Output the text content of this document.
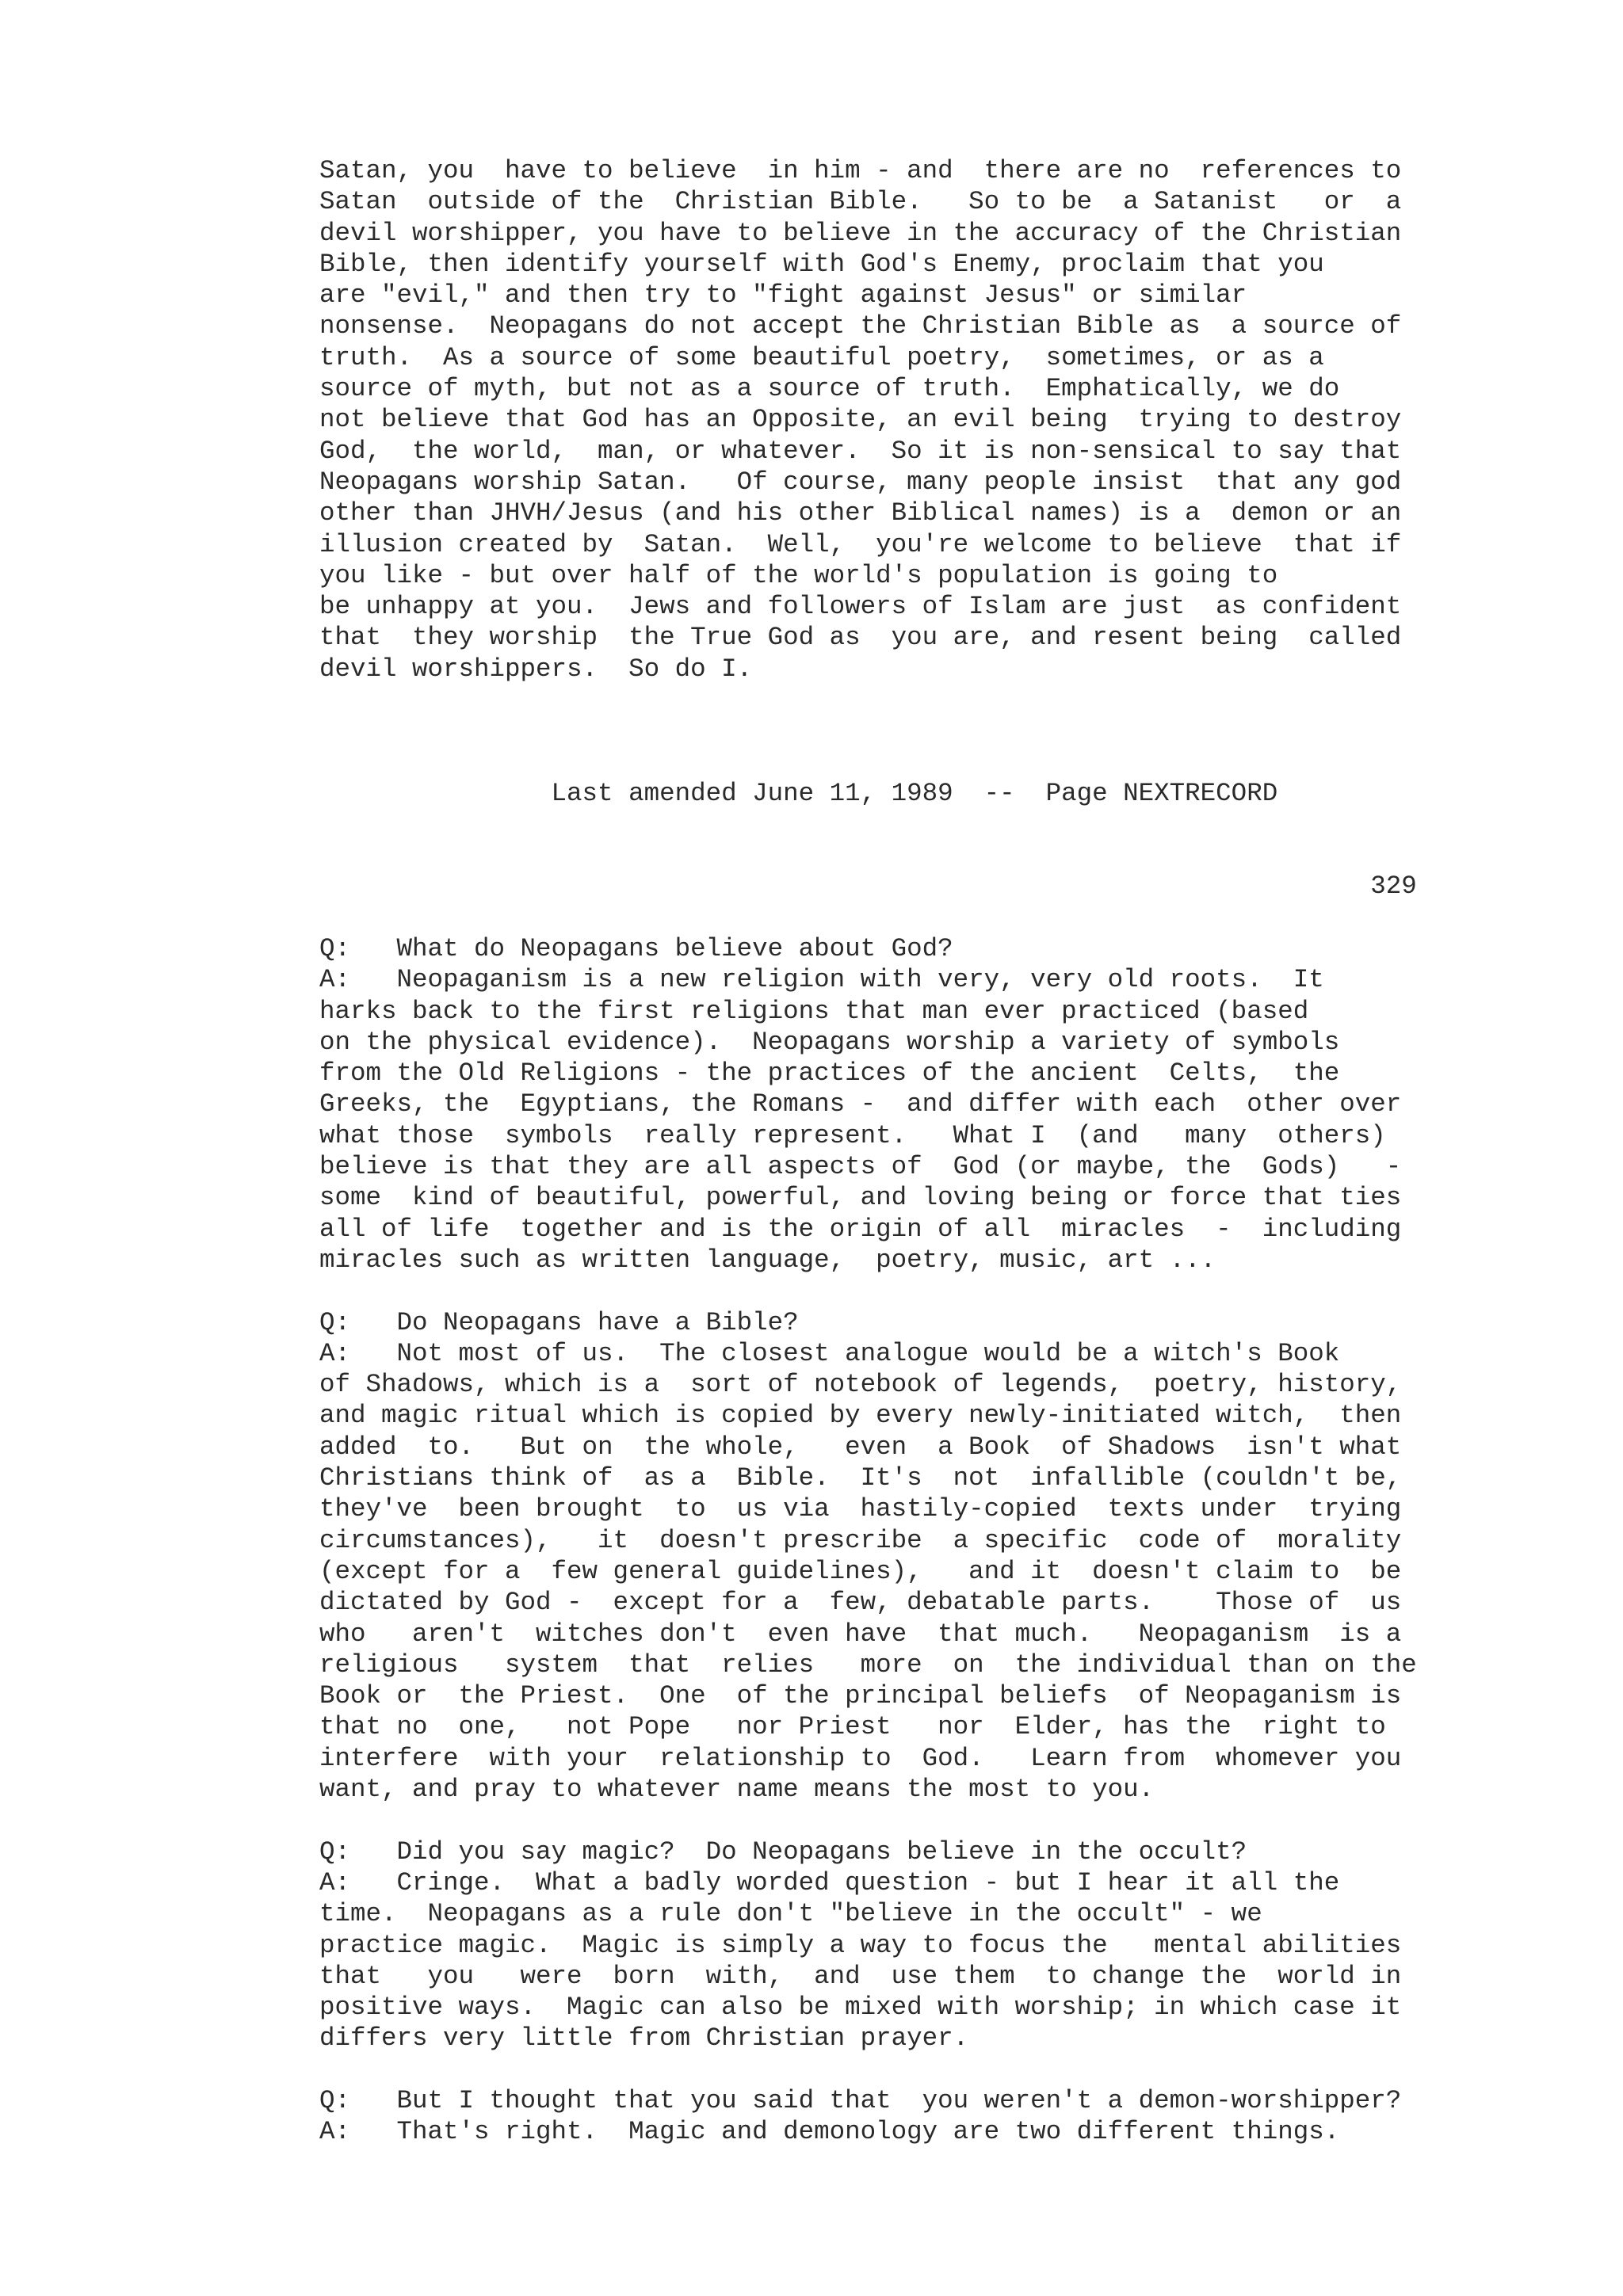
Satan, you  have to believe  in him - and  there are no  references to
Satan  outside of the  Christian Bible.   So to be  a Satanist   or  a
devil worshipper, you have to believe in the accuracy of the Christian
Bible, then identify yourself with God's Enemy, proclaim that you
are "evil," and then try to "fight against Jesus" or similar
nonsense.  Neopagans do not accept the Christian Bible as  a source of
truth.  As a source of some beautiful poetry,  sometimes, or as a
source of myth, but not as a source of truth.  Emphatically, we do
not believe that God has an Opposite, an evil being  trying to destroy
God,  the world,  man, or whatever.  So it is non-sensical to say that
Neopagans worship Satan.   Of course, many people insist  that any god
other than JHVH/Jesus (and his other Biblical names) is a  demon or an
illusion created by  Satan.  Well,  you're welcome to believe  that if
you like - but over half of the world's population is going to
be unhappy at you.  Jews and followers of Islam are just  as confident
that  they worship  the True God as  you are, and resent being  called
devil worshippers.  So do I.
Last amended June 11, 1989  --  Page NEXTRECORD
329
Q:   What do Neopagans believe about God?
A:   Neopaganism is a new religion with very, very old roots.  It
harks back to the first religions that man ever practiced (based
on the physical evidence).  Neopagans worship a variety of symbols
from the Old Religions - the practices of the ancient  Celts,  the
Greeks, the  Egyptians, the Romans -  and differ with each  other over
what those  symbols  really represent.   What I  (and   many  others)
believe is that they are all aspects of  God (or maybe, the  Gods)   -
some  kind of beautiful, powerful, and loving being or force that ties
all of life  together and is the origin of all  miracles  -  including
miracles such as written language,  poetry, music, art ...

Q:   Do Neopagans have a Bible?
A:   Not most of us.  The closest analogue would be a witch's Book
of Shadows, which is a  sort of notebook of legends,  poetry, history,
and magic ritual which is copied by every newly-initiated witch,  then
added  to.   But on  the whole,   even  a Book  of Shadows  isn't what
Christians think of  as a  Bible.  It's  not  infallible (couldn't be,
they've  been brought  to  us via  hastily-copied  texts under  trying
circumstances),   it  doesn't prescribe  a specific  code of  morality
(except for a  few general guidelines),   and it  doesn't claim to  be
dictated by God -  except for a  few, debatable parts.    Those of  us
who   aren't  witches don't  even have  that much.   Neopaganism  is a
religious   system  that  relies   more  on  the individual than on the
Book or  the Priest.  One  of the principal beliefs  of Neopaganism is
that no  one,   not Pope   nor Priest   nor  Elder, has the  right to
interfere  with your  relationship to  God.   Learn from  whomever you
want, and pray to whatever name means the most to you.

Q:   Did you say magic?  Do Neopagans believe in the occult?
A:   Cringe.  What a badly worded question - but I hear it all the
time.  Neopagans as a rule don't "believe in the occult" - we
practice magic.  Magic is simply a way to focus the   mental abilities
that   you   were  born  with,  and  use them  to change the  world in
positive ways.  Magic can also be mixed with worship; in which case it
differs very little from Christian prayer.

Q:   But I thought that you said that  you weren't a demon-worshipper?
A:   That's right.  Magic and demonology are two different things.
